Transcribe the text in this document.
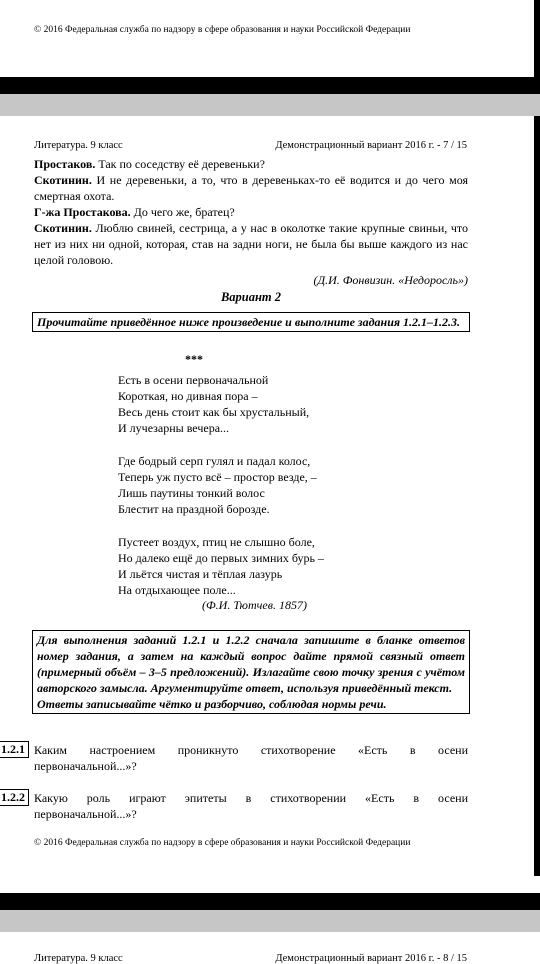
© 2016 Федеральная служба по надзору в сфере образования и науки Российской Федерации
Литература. 9 класс	Демонстрационный вариант 2016 г. - 7 / 15
Простаков. Так по соседству её деревеньки?
Скотинин. И не деревеньки, а то, что в деревеньках-то её водится и до чего моя смертная охота.
Г-жа Простакова. До чего же, братец?
Скотинин. Люблю свиней, сестрица, а у нас в околотке такие крупные свиньи, что нет из них ни одной, которая, став на задни ноги, не была бы выше каждого из нас целой головою.
(Д.И. Фонвизин. «Недоросль»)
Вариант 2
Прочитайте приведённое ниже произведение и выполните задания 1.2.1–1.2.3.
***
Есть в осени первоначальной
Короткая, но дивная пора –
Весь день стоит как бы хрустальный,
И лучезарны вечера...
Где бодрый серп гулял и падал колос,
Теперь уж пусто всё – простор везде, –
Лишь паутины тонкий волос
Блестит на праздной борозде.
Пустеет воздух, птиц не слышно боле,
Но далеко ещё до первых зимних бурь –
И льётся чистая и тёплая лазурь
На отдыхающее поле...
(Ф.И. Тютчев. 1857)
Для выполнения заданий 1.2.1 и 1.2.2 сначала запишите в бланке ответов номер задания, а затем на каждый вопрос дайте прямой связный ответ (примерный объём – 3–5 предложений). Излагайте свою точку зрения с учётом авторского замысла. Аргументируйте ответ, используя приведённый текст.
Ответы записывайте чётко и разборчиво, соблюдая нормы речи.
1.2.1 Каким настроением проникнуто стихотворение «Есть в осени
первоначальной...»?
1.2.2 Какую роль играют эпитеты в стихотворении «Есть в осени
первоначальной...»?
© 2016 Федеральная служба по надзору в сфере образования и науки Российской Федерации
Литература. 9 класс	Демонстрационный вариант 2016 г. - 8 / 15
